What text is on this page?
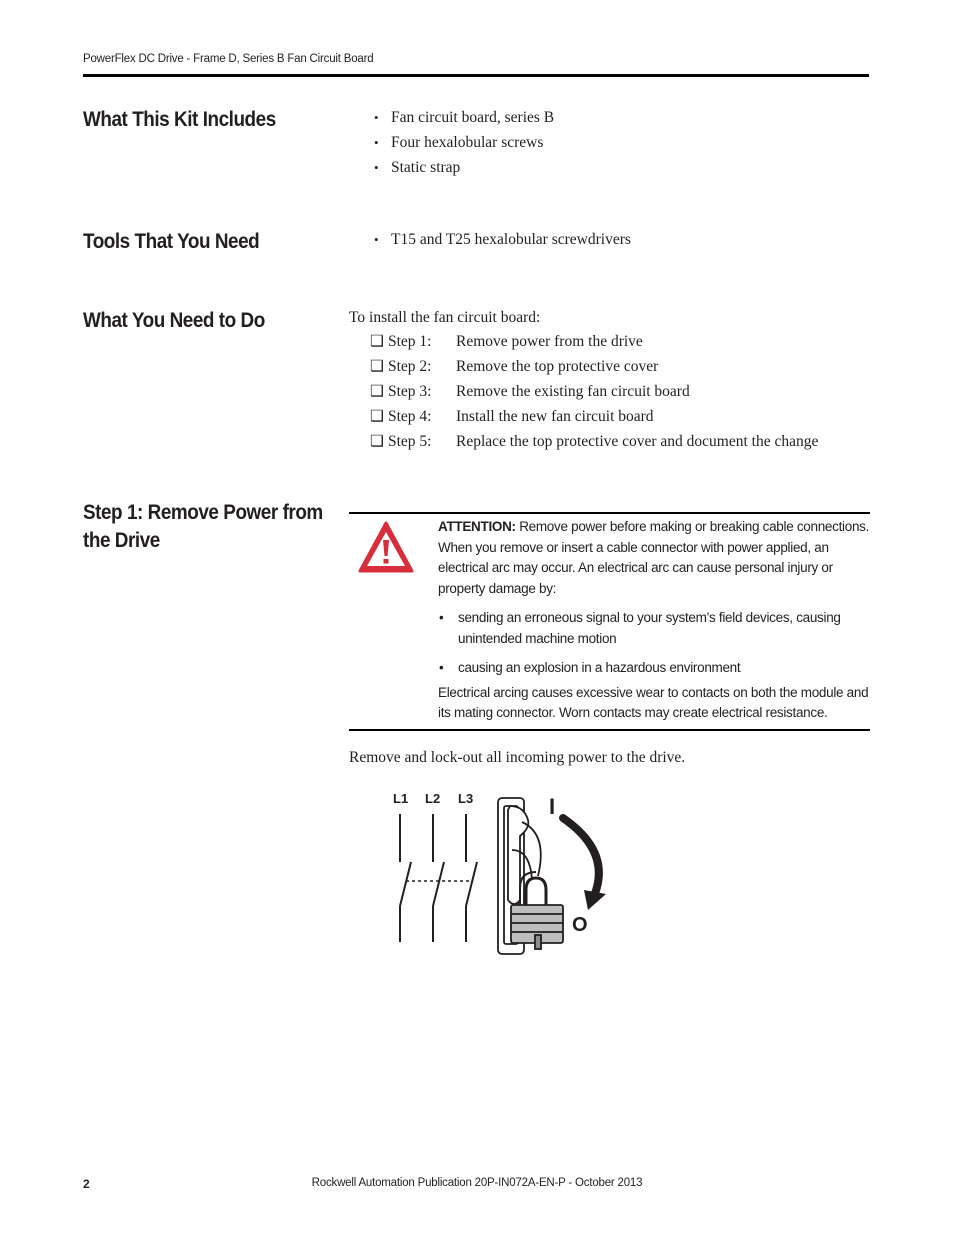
PowerFlex DC Drive - Frame D, Series B Fan Circuit Board
What This Kit Includes	• Fan circuit board, series B
• Four hexalobular screws
• Static strap
Tools That You Need	• T15 and T25 hexalobular screwdrivers
What You Need to Do	To install the fan circuit board:
❑ Step 1: Remove power from the drive
❑ Step 2: Remove the top protective cover
❑ Step 3: Remove the existing fan circuit board
❑ Step 4: Install the new fan circuit board
❑ Step 5: Replace the top protective cover and document the change
Step 1: Remove Power from
the Drive

ATTENTION: Remove power before making or breaking cable connections. When you remove or insert a cable connector with power applied, an electrical arc may occur. An electrical arc can cause personal injury or property damage by:

• sending an erroneous signal to your system’s field devices, causing unintended machine motion

• causing an explosion in a hazardous environment

Electrical arcing causes excessive wear to contacts on both the module and its mating connector. Worn contacts may create electrical resistance.

Remove and lock-out all incoming power to the drive.
L1 L2 L3	I
O
2	Rockwell Automation Publication 20P-IN072A-EN-P - October 2013
